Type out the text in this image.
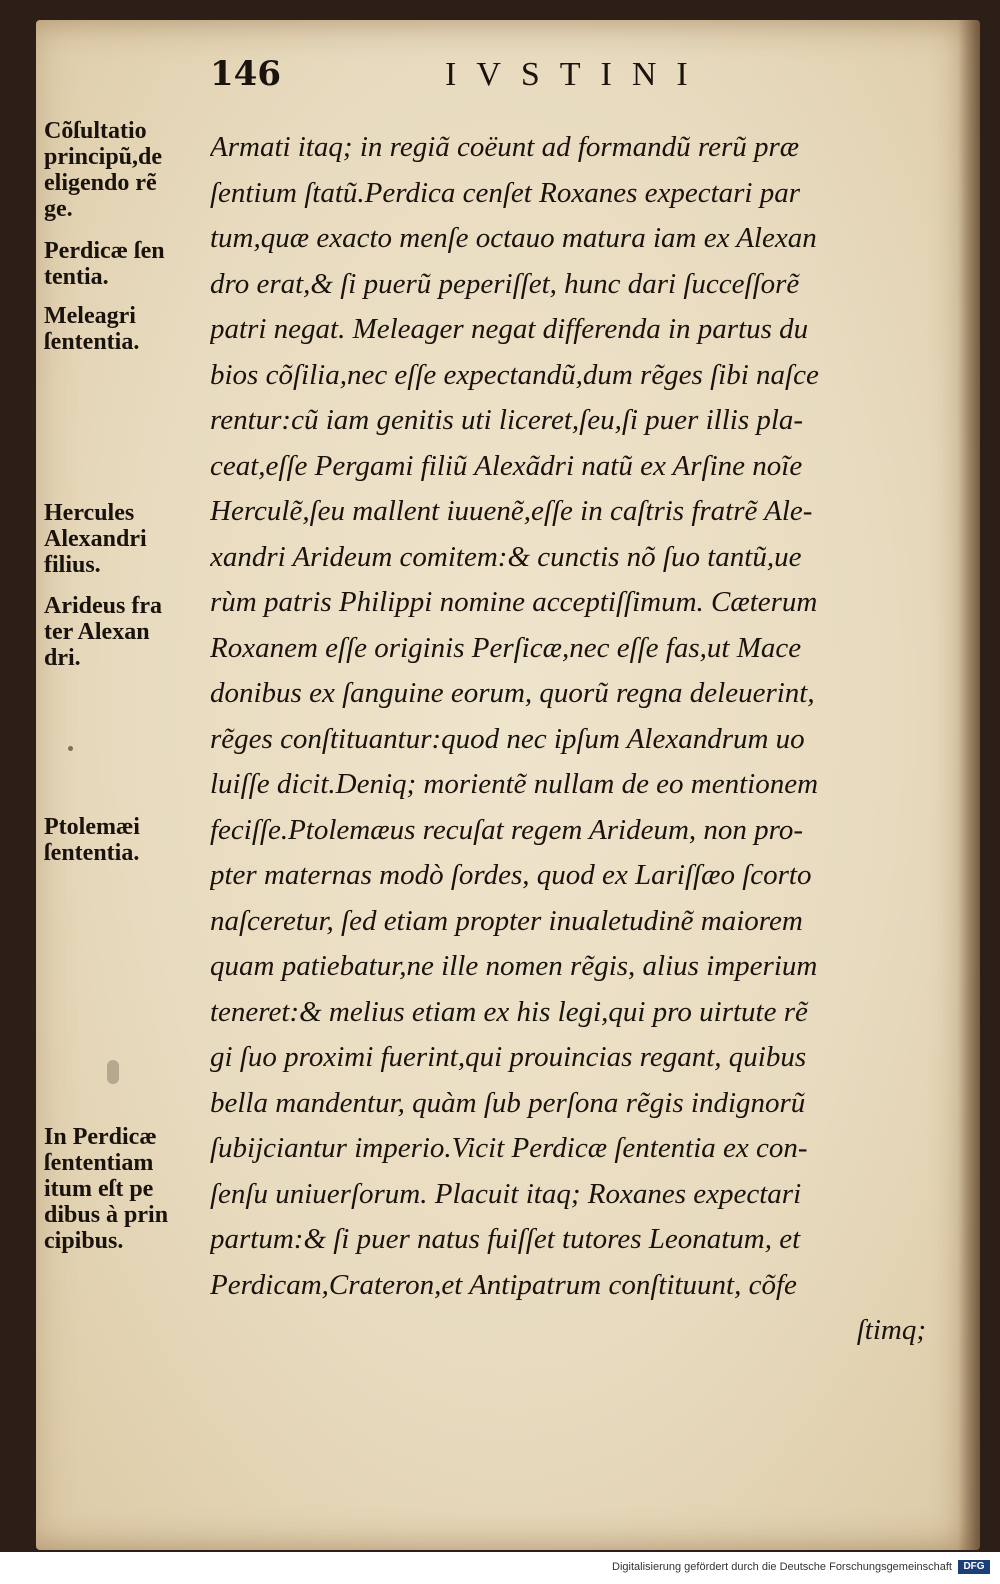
146	IVSTINI
Cõſultatio
principũ,de
eligendo rẽ
ge.
Perdicæ ſen
tentia.
Meleagri
ſententia.
Hercules
Alexandri
filius.
Arideus fra
ter Alexan
dri.
Ptolemæi
ſententia.
In Perdicæ
ſententiam
itum eſt pe
dibus à prin
cipibus.
Armati itaq; in regiã coëunt ad formandũ rerũ præ
ſentium ſtatũ.Perdica cenſet Roxanes expectari par
tum,quæ exacto menſe octauo matura iam ex Alexan
dro erat,& ſi puerũ peperiſſet, hunc dari ſucceſſorẽ
patri negat. Meleager negat differenda in partus du
bios cõſilia,nec eſſe expectandũ,dum rẽges ſibi naſce
rentur:cũ iam genitis uti liceret,ſeu,ſi puer illis pla-
ceat,eſſe Pergami filiũ Alexãdri natũ ex Arſine noĩe
Herculẽ,ſeu mallent iuuenẽ,eſſe in caſtris fratrẽ Ale-
xandri Arideum comitem:& cunctis nõ ſuo tantũ,ue
rùm patris Philippi nomine acceptiſſimum. Cæterum
Roxanem eſſe originis Perſicæ,nec eſſe fas,ut Mace
donibus ex ſanguine eorum, quorũ regna deleuerint,
rẽges conſtituantur:quod nec ipſum Alexandrum uo
luiſſe dicit.Deniq; morientẽ nullam de eo mentionem
feciſſe.Ptolemæus recuſat regem Arideum, non pro-
pter maternas modò ſordes, quod ex Lariſſæo ſcorto
naſceretur, ſed etiam propter inualetudinẽ maiorem
quam patiebatur,ne ille nomen rẽgis, alius imperium
teneret:& melius etiam ex his legi,qui pro uirtute rẽ
gi ſuo proximi fuerint,qui prouincias regant, quibus
bella mandentur, quàm ſub perſona rẽgis indignorũ
ſubijciantur imperio.Vicit Perdicæ ſententia ex con-
ſenſu uniuerſorum. Placuit itaq; Roxanes expectari
partum:& ſi puer natus fuiſſet tutores Leonatum, et
Perdicam,Crateron,et Antipatrum conſtituunt, cõfe
ſtimq;
Digitalisierung gefördert durch die Deutsche Forschungsgemeinschaft	DFG
